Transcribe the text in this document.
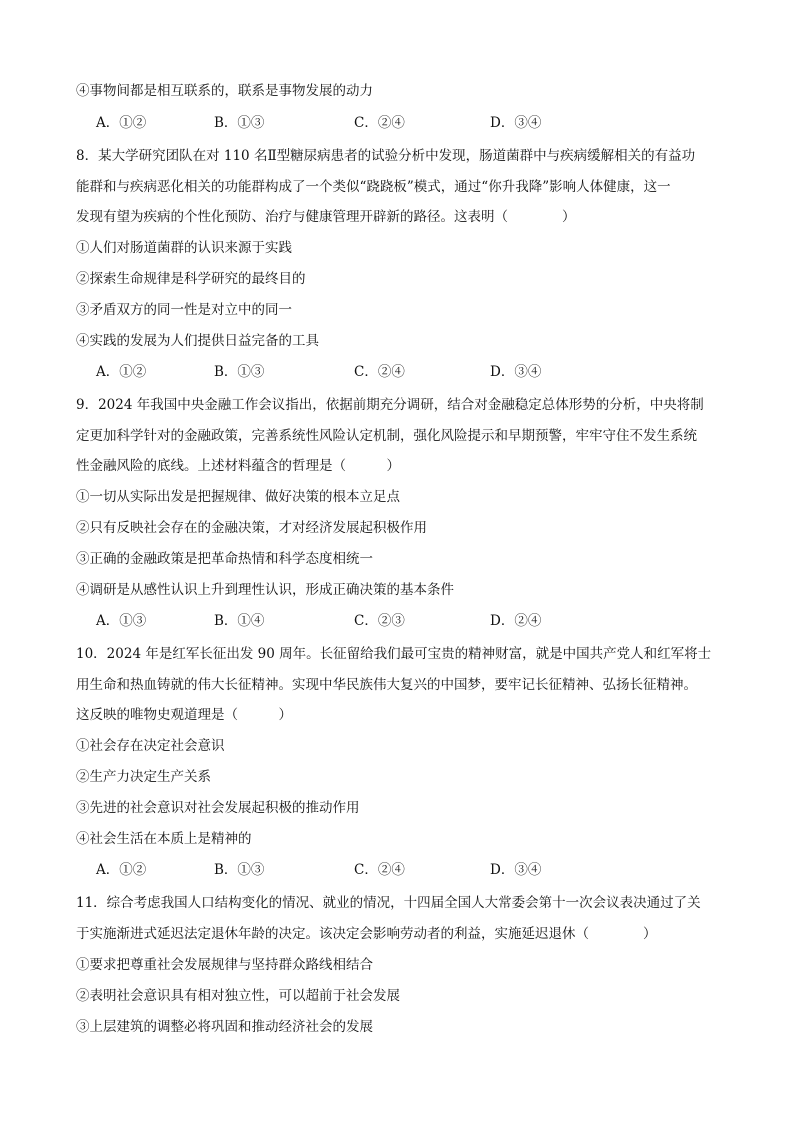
④事物间都是相互联系的，联系是事物发展的动力
A．①②	B．①③	C．②④	D．③④
8．某大学研究团队在对 110 名Ⅱ型糖尿病患者的试验分析中发现，肠道菌群中与疾病缓解相关的有益功
能群和与疾病恶化相关的功能群构成了一个类似“跷跷板”模式，通过“你升我降”影响人体健康，这一
发现有望为疾病的个性化预防、治疗与健康管理开辟新的路径。这表明（　　　　）
①人们对肠道菌群的认识来源于实践
②探索生命规律是科学研究的最终目的
③矛盾双方的同一性是对立中的同一
④实践的发展为人们提供日益完备的工具
A．①②	B．①③	C．②④	D．③④
9．2024 年我国中央金融工作会议指出，依据前期充分调研，结合对金融稳定总体形势的分析，中央将制
定更加科学针对的金融政策，完善系统性风险认定机制，强化风险提示和早期预警，牢牢守住不发生系统
性金融风险的底线。上述材料蕴含的哲理是（　　　）
①一切从实际出发是把握规律、做好决策的根本立足点
②只有反映社会存在的金融决策，才对经济发展起积极作用
③正确的金融政策是把革命热情和科学态度相统一
④调研是从感性认识上升到理性认识，形成正确决策的基本条件
A．①③	B．①④	C．②③	D．②④
10．2024 年是红军长征出发 90 周年。长征留给我们最可宝贵的精神财富，就是中国共产党人和红军将士
用生命和热血铸就的伟大长征精神。实现中华民族伟大复兴的中国梦，要牢记长征精神、弘扬长征精神。
这反映的唯物史观道理是（　　　）
①社会存在决定社会意识
②生产力决定生产关系
③先进的社会意识对社会发展起积极的推动作用
④社会生活在本质上是精神的
A．①②	B．①③	C．②④	D．③④
11．综合考虑我国人口结构变化的情况、就业的情况，十四届全国人大常委会第十一次会议表决通过了关
于实施渐进式延迟法定退休年龄的决定。该决定会影响劳动者的利益，实施延迟退休（　　　　）
①要求把尊重社会发展规律与坚持群众路线相结合
②表明社会意识具有相对独立性，可以超前于社会发展
③上层建筑的调整必将巩固和推动经济社会的发展
